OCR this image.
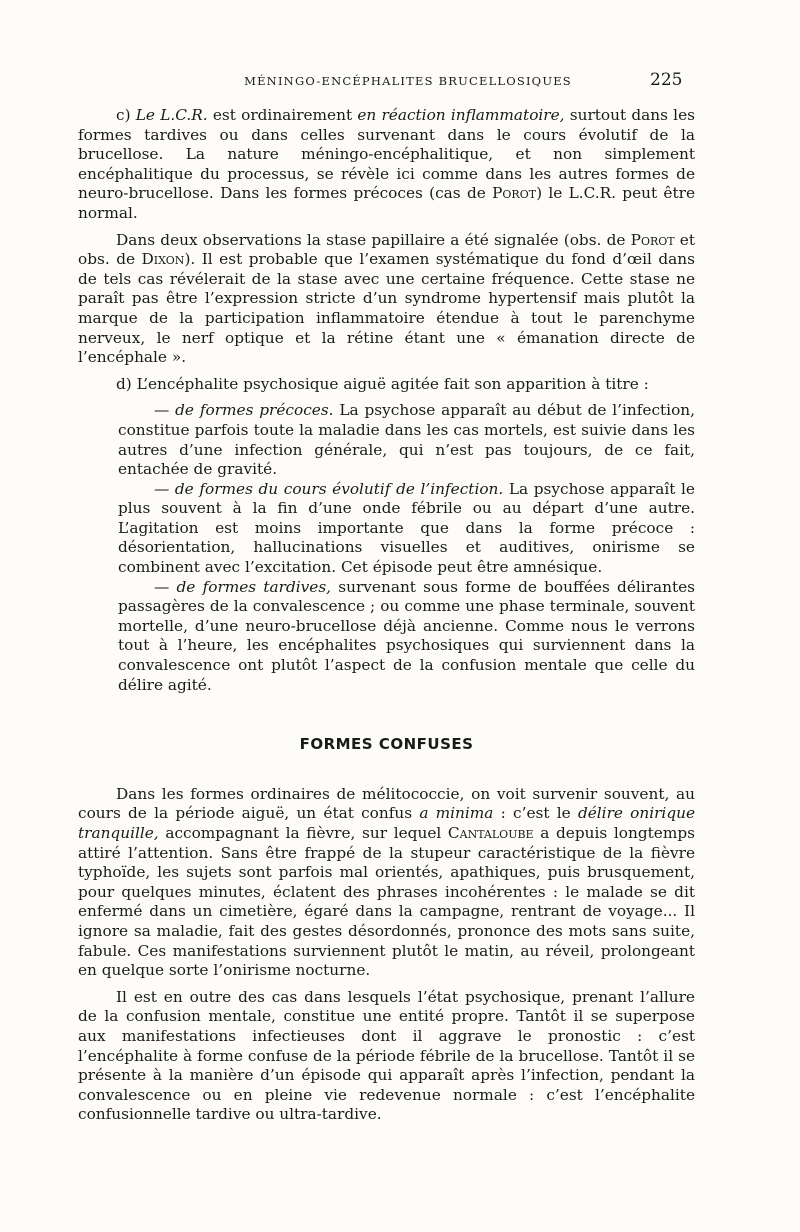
MÉNINGO-ENCÉPHALITES BRUCELLOSIQUES	225

c) Le L.C.R. est ordinairement en réaction inflammatoire, surtout dans les formes tardives ou dans celles survenant dans le cours évolutif de la brucellose. La nature méningo-encéphalitique, et non simplement encéphalitique du processus, se révèle ici comme dans les autres formes de neuro-brucellose. Dans les formes précoces (cas de Porot) le L.C.R. peut être normal.

Dans deux observations la stase papillaire a été signalée (obs. de Porot et obs. de Dixon). Il est probable que l’examen systématique du fond d’œil dans de tels cas révélerait de la stase avec une certaine fréquence. Cette stase ne paraît pas être l’expression stricte d’un syndrome hypertensif mais plutôt la marque de la participation inflammatoire étendue à tout le parenchyme nerveux, le nerf optique et la rétine étant une « émanation directe de l’encéphale ».

d) L’encéphalite psychosique aiguë agitée fait son apparition à titre :

— de formes précoces. La psychose apparaît au début de l’infection, constitue parfois toute la maladie dans les cas mortels, est suivie dans les autres d’une infection générale, qui n’est pas toujours, de ce fait, entachée de gravité.

— de formes du cours évolutif de l’infection. La psychose apparaît le plus souvent à la fin d’une onde fébrile ou au départ d’une autre. L’agitation est moins importante que dans la forme précoce : désorientation, hallucinations visuelles et auditives, onirisme se combinent avec l’excitation. Cet épisode peut être amnésique.

— de formes tardives, survenant sous forme de bouffées délirantes passagères de la convalescence ; ou comme une phase terminale, souvent mortelle, d’une neuro-brucellose déjà ancienne. Comme nous le verrons tout à l’heure, les encéphalites psychosiques qui surviennent dans la convalescence ont plutôt l’aspect de la confusion mentale que celle du délire agité.

FORMES CONFUSES

Dans les formes ordinaires de mélitococcie, on voit survenir souvent, au cours de la période aiguë, un état confus a minima : c’est le délire onirique tranquille, accompagnant la fièvre, sur lequel Cantaloube a depuis longtemps attiré l’attention. Sans être frappé de la stupeur caractéristique de la fièvre typhoïde, les sujets sont parfois mal orientés, apathiques, puis brusquement, pour quelques minutes, éclatent des phrases incohérentes : le malade se dit enfermé dans un cimetière, égaré dans la campagne, rentrant de voyage... Il ignore sa maladie, fait des gestes désordonnés, prononce des mots sans suite, fabule. Ces manifestations surviennent plutôt le matin, au réveil, prolongeant en quelque sorte l’onirisme nocturne.

Il est en outre des cas dans lesquels l’état psychosique, prenant l’allure de la confusion mentale, constitue une entité propre. Tantôt il se superpose aux manifestations infectieuses dont il aggrave le pronostic : c’est l’encéphalite à forme confuse de la période fébrile de la brucellose. Tantôt il se présente à la manière d’un épisode qui apparaît après l’infection, pendant la convalescence ou en pleine vie redevenue normale : c’est l’encéphalite confusionnelle tardive ou ultra-tardive.
